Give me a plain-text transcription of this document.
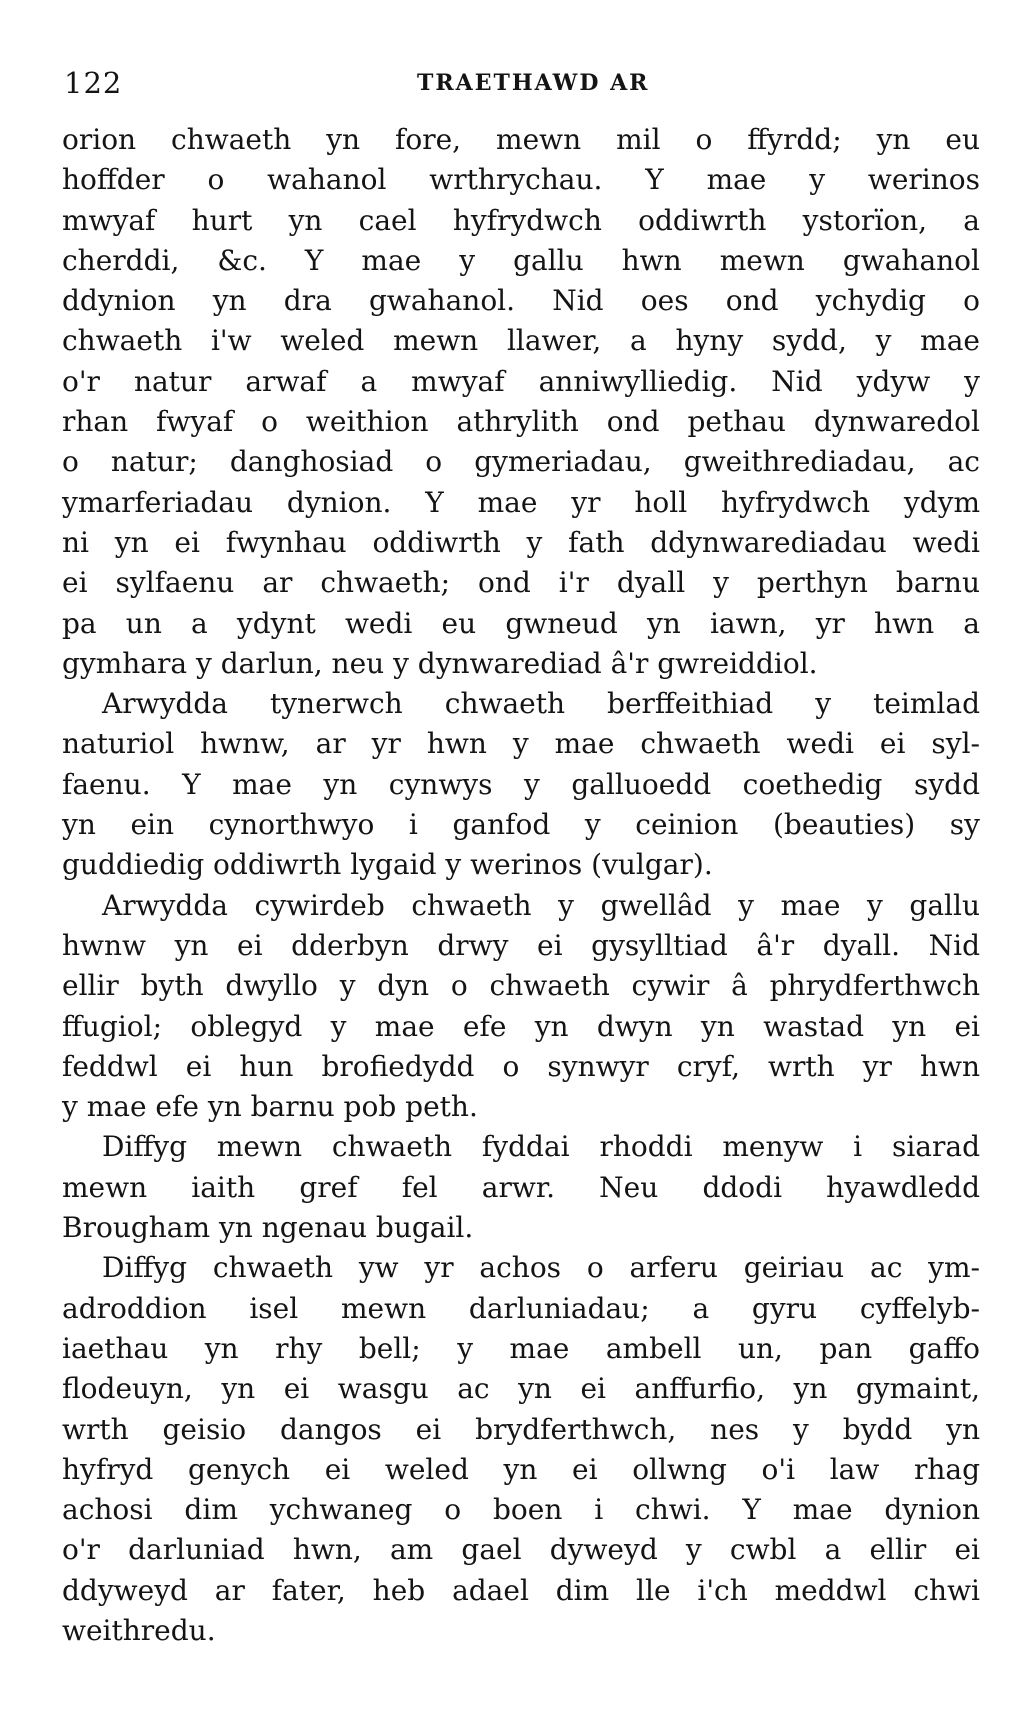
122	TRAETHAWD AR
orion chwaeth yn fore, mewn mil o ffyrdd; yn eu
hoffder o wahanol wrthrychau. Y mae y werinos
mwyaf hurt yn cael hyfrydwch oddiwrth ystorïon, a
cherddi, &c. Y mae y gallu hwn mewn gwahanol
ddynion yn dra gwahanol. Nid oes ond ychydig o
chwaeth i'w weled mewn llawer, a hyny sydd, y mae
o'r natur arwaf a mwyaf anniwylliedig. Nid ydyw y
rhan fwyaf o weithion athrylith ond pethau dynwaredol
o natur; danghosiad o gymeriadau, gweithrediadau, ac
ymarferiadau dynion. Y mae yr holl hyfrydwch ydym
ni yn ei fwynhau oddiwrth y fath ddynwarediadau wedi
ei sylfaenu ar chwaeth; ond i'r dyall y perthyn barnu
pa un a ydynt wedi eu gwneud yn iawn, yr hwn a
gymhara y darlun, neu y dynwarediad â'r gwreiddiol.
Arwydda tynerwch chwaeth berffeithiad y teimlad
naturiol hwnw, ar yr hwn y mae chwaeth wedi ei syl-
faenu. Y mae yn cynwys y galluoedd coethedig sydd
yn ein cynorthwyo i ganfod y ceinion (beauties) sy
guddiedig oddiwrth lygaid y werinos (vulgar).
Arwydda cywirdeb chwaeth y gwellâd y mae y gallu
hwnw yn ei dderbyn drwy ei gysylltiad â'r dyall. Nid
ellir byth dwyllo y dyn o chwaeth cywir â phrydferthwch
ffugiol; oblegyd y mae efe yn dwyn yn wastad yn ei
feddwl ei hun brofiedydd o synwyr cryf, wrth yr hwn
y mae efe yn barnu pob peth.
Diffyg mewn chwaeth fyddai rhoddi menyw i siarad
mewn iaith gref fel arwr. Neu ddodi hyawdledd
Brougham yn ngenau bugail.
Diffyg chwaeth yw yr achos o arferu geiriau ac ym-
adroddion isel mewn darluniadau; a gyru cyffelyb-
iaethau yn rhy bell; y mae ambell un, pan gaffo
flodeuyn, yn ei wasgu ac yn ei anffurfio, yn gymaint,
wrth geisio dangos ei brydferthwch, nes y bydd yn
hyfryd genych ei weled yn ei ollwng o'i law rhag
achosi dim ychwaneg o boen i chwi. Y mae dynion
o'r darluniad hwn, am gael dyweyd y cwbl a ellir ei
ddyweyd ar fater, heb adael dim lle i'ch meddwl chwi
weithredu.
